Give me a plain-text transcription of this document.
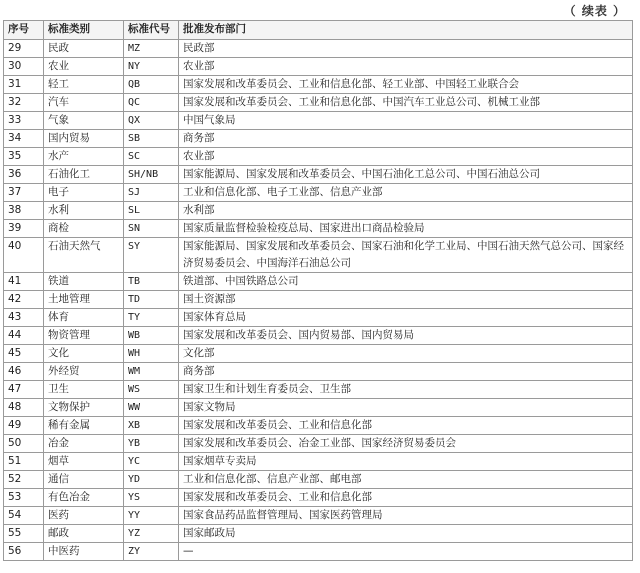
（ 续表 ）
序号	标准类别	标准代号	批准发布部门
29	民政	MZ	民政部
30	农业	NY	农业部
31	轻工	QB	国家发展和改革委员会、工业和信息化部、轻工业部、中国轻工业联合会
32	汽车	QC	国家发展和改革委员会、工业和信息化部、中国汽车工业总公司、机械工业部
33	气象	QX	中国气象局
34	国内贸易	SB	商务部
35	水产	SC	农业部
36	石油化工	SH/NB	国家能源局、国家发展和改革委员会、中国石油化工总公司、中国石油总公司
37	电子	SJ	工业和信息化部、电子工业部、信息产业部
38	水利	SL	水利部
39	商检	SN	国家质量监督检验检疫总局、国家进出口商品检验局
40	石油天然气	SY	国家能源局、国家发展和改革委员会、国家石油和化学工业局、中国石油天然气总公司、国家经济贸易委员会、中国海洋石油总公司
41	铁道	TB	铁道部、中国铁路总公司
42	土地管理	TD	国土资源部
43	体育	TY	国家体育总局
44	物资管理	WB	国家发展和改革委员会、国内贸易部、国内贸易局
45	文化	WH	文化部
46	外经贸	WM	商务部
47	卫生	WS	国家卫生和计划生育委员会、卫生部
48	文物保护	WW	国家文物局
49	稀有金属	XB	国家发展和改革委员会、工业和信息化部
50	冶金	YB	国家发展和改革委员会、冶金工业部、国家经济贸易委员会
51	烟草	YC	国家烟草专卖局
52	通信	YD	工业和信息化部、信息产业部、邮电部
53	有色冶金	YS	国家发展和改革委员会、工业和信息化部
54	医药	YY	国家食品药品监督管理局、国家医药管理局
55	邮政	YZ	国家邮政局
56	中医药	ZY	—
